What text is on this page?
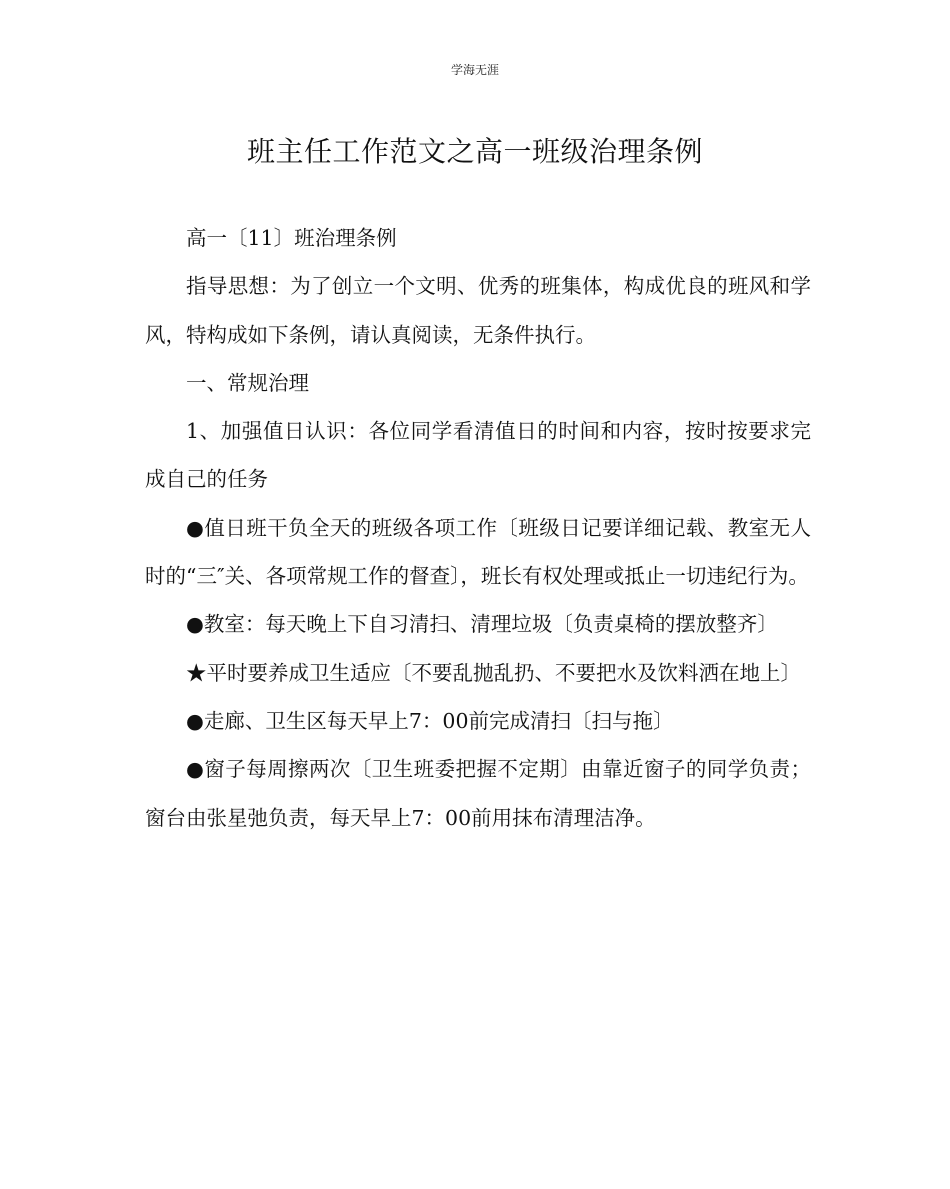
学海无涯
班主任工作范文之高一班级治理条例

高一〔11〕班治理条例

指导思想：为了创立一个文明、优秀的班集体，构成优良的班风和学风，特构成如下条例，请认真阅读，无条件执行。

一、常规治理

1、加强值日认识：各位同学看清值日的时间和内容，按时按要求完成自己的任务

●值日班干负全天的班级各项工作〔班级日记要详细记载、教室无人时的“三″关、各项常规工作的督查〕，班长有权处理或抵止一切违纪行为。

●教室：每天晚上下自习清扫、清理垃圾〔负责桌椅的摆放整齐〕

★平时要养成卫生适应〔不要乱抛乱扔、不要把水及饮料洒在地上〕

●走廊、卫生区每天早上7：00前完成清扫〔扫与拖〕

●窗子每周擦两次〔卫生班委把握不定期〕由靠近窗子的同学负责；窗台由张星弛负责，每天早上7：00前用抹布清理洁净。
